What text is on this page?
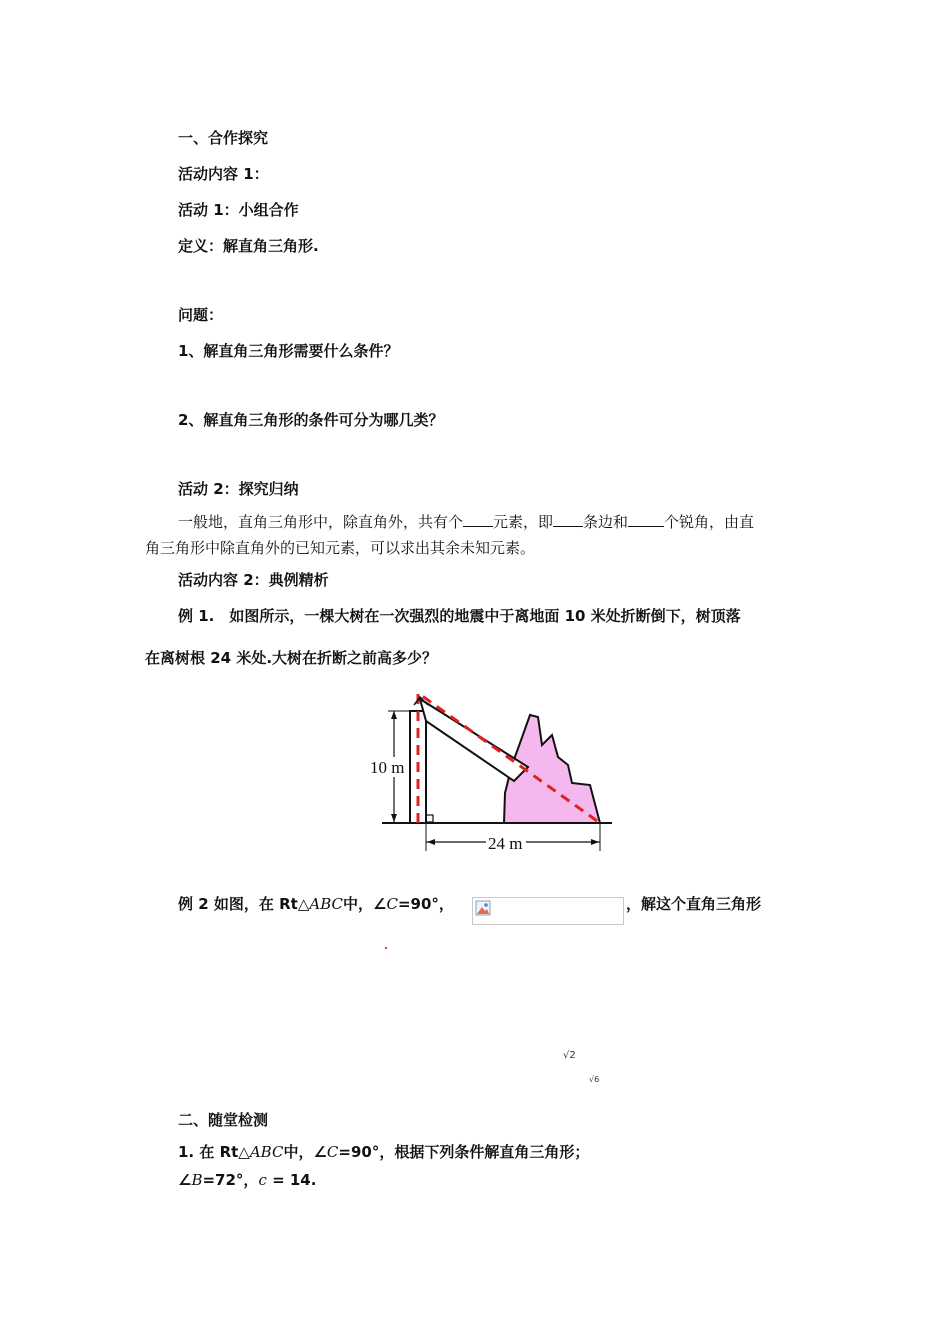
一、合作探究
活动内容 1：
活动 1：小组合作
定义：解直角三角形.
问题：
1、解直角三角形需要什么条件？
2、解直角三角形的条件可分为哪几类？
活动 2：探究归纳
一般地，直角三角形中，除直角外，共有个 元素，即 条边和 个锐角，由直
角三角形中除直角外的已知元素，可以求出其余未知元素。
活动内容 2：典例精析
例 1.　如图所示，一棵大树在一次强烈的地震中于离地面 10 米处折断倒下，树顶落
在离树根 24 米处.大树在折断之前高多少？
10 m
24 m
例 2 如图，在 Rt△ABC中，∠C=90°，	，解这个直角三角形
√2
√6
二、随堂检测
1. 在 Rt△ABC中，∠C=90°，根据下列条件解直角三角形；
∠B=72°，c = 14.
